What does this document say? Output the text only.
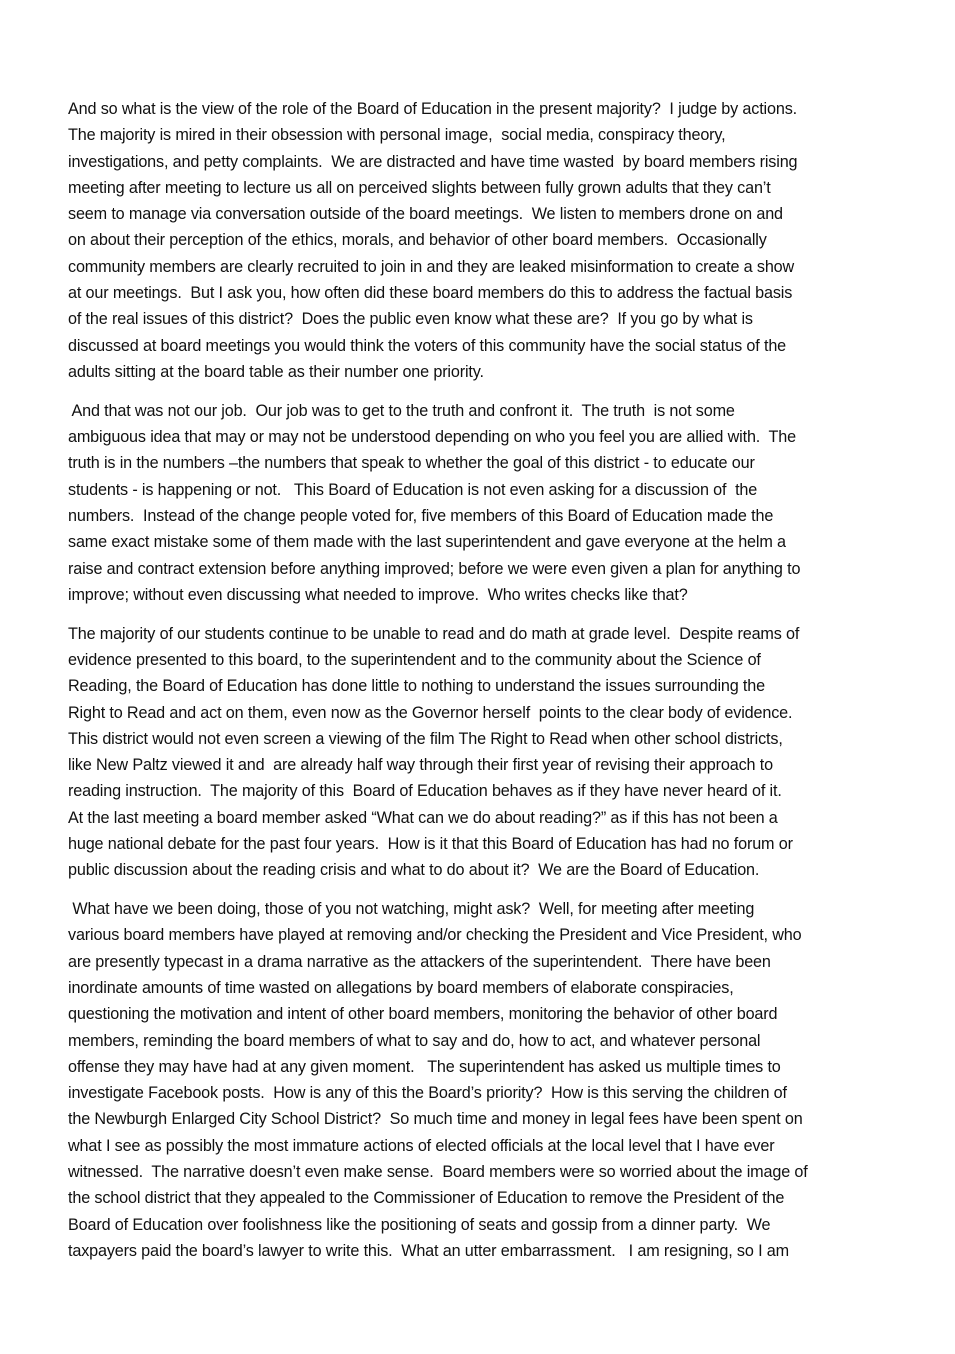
And so what is the view of the role of the Board of Education in the present majority?  I judge by actions.
The majority is mired in their obsession with personal image,  social media, conspiracy theory,
investigations, and petty complaints.  We are distracted and have time wasted  by board members rising
meeting after meeting to lecture us all on perceived slights between fully grown adults that they can’t
seem to manage via conversation outside of the board meetings.  We listen to members drone on and
on about their perception of the ethics, morals, and behavior of other board members.  Occasionally
community members are clearly recruited to join in and they are leaked misinformation to create a show
at our meetings.  But I ask you, how often did these board members do this to address the factual basis
of the real issues of this district?  Does the public even know what these are?  If you go by what is
discussed at board meetings you would think the voters of this community have the social status of the
adults sitting at the board table as their number one priority.

And that was not our job.  Our job was to get to the truth and confront it.  The truth  is not some
ambiguous idea that may or may not be understood depending on who you feel you are allied with.  The
truth is in the numbers –the numbers that speak to whether the goal of this district - to educate our
students - is happening or not.   This Board of Education is not even asking for a discussion of  the
numbers.  Instead of the change people voted for, five members of this Board of Education made the
same exact mistake some of them made with the last superintendent and gave everyone at the helm a
raise and contract extension before anything improved; before we were even given a plan for anything to
improve; without even discussing what needed to improve.  Who writes checks like that?

The majority of our students continue to be unable to read and do math at grade level.  Despite reams of
evidence presented to this board, to the superintendent and to the community about the Science of
Reading, the Board of Education has done little to nothing to understand the issues surrounding the
Right to Read and act on them, even now as the Governor herself  points to the clear body of evidence.
This district would not even screen a viewing of the film The Right to Read when other school districts,
like New Paltz viewed it and  are already half way through their first year of revising their approach to
reading instruction.  The majority of this  Board of Education behaves as if they have never heard of it.
At the last meeting a board member asked “What can we do about reading?” as if this has not been a
huge national debate for the past four years.  How is it that this Board of Education has had no forum or
public discussion about the reading crisis and what to do about it?  We are the Board of Education.

What have we been doing, those of you not watching, might ask?  Well, for meeting after meeting
various board members have played at removing and/or checking the President and Vice President, who
are presently typecast in a drama narrative as the attackers of the superintendent.  There have been
inordinate amounts of time wasted on allegations by board members of elaborate conspiracies,
questioning the motivation and intent of other board members, monitoring the behavior of other board
members, reminding the board members of what to say and do, how to act, and whatever personal
offense they may have had at any given moment.   The superintendent has asked us multiple times to
investigate Facebook posts.  How is any of this the Board’s priority?  How is this serving the children of
the Newburgh Enlarged City School District?  So much time and money in legal fees have been spent on
what I see as possibly the most immature actions of elected officials at the local level that I have ever
witnessed.  The narrative doesn’t even make sense.  Board members were so worried about the image of
the school district that they appealed to the Commissioner of Education to remove the President of the
Board of Education over foolishness like the positioning of seats and gossip from a dinner party.  We
taxpayers paid the board’s lawyer to write this.  What an utter embarrassment.   I am resigning, so I am
